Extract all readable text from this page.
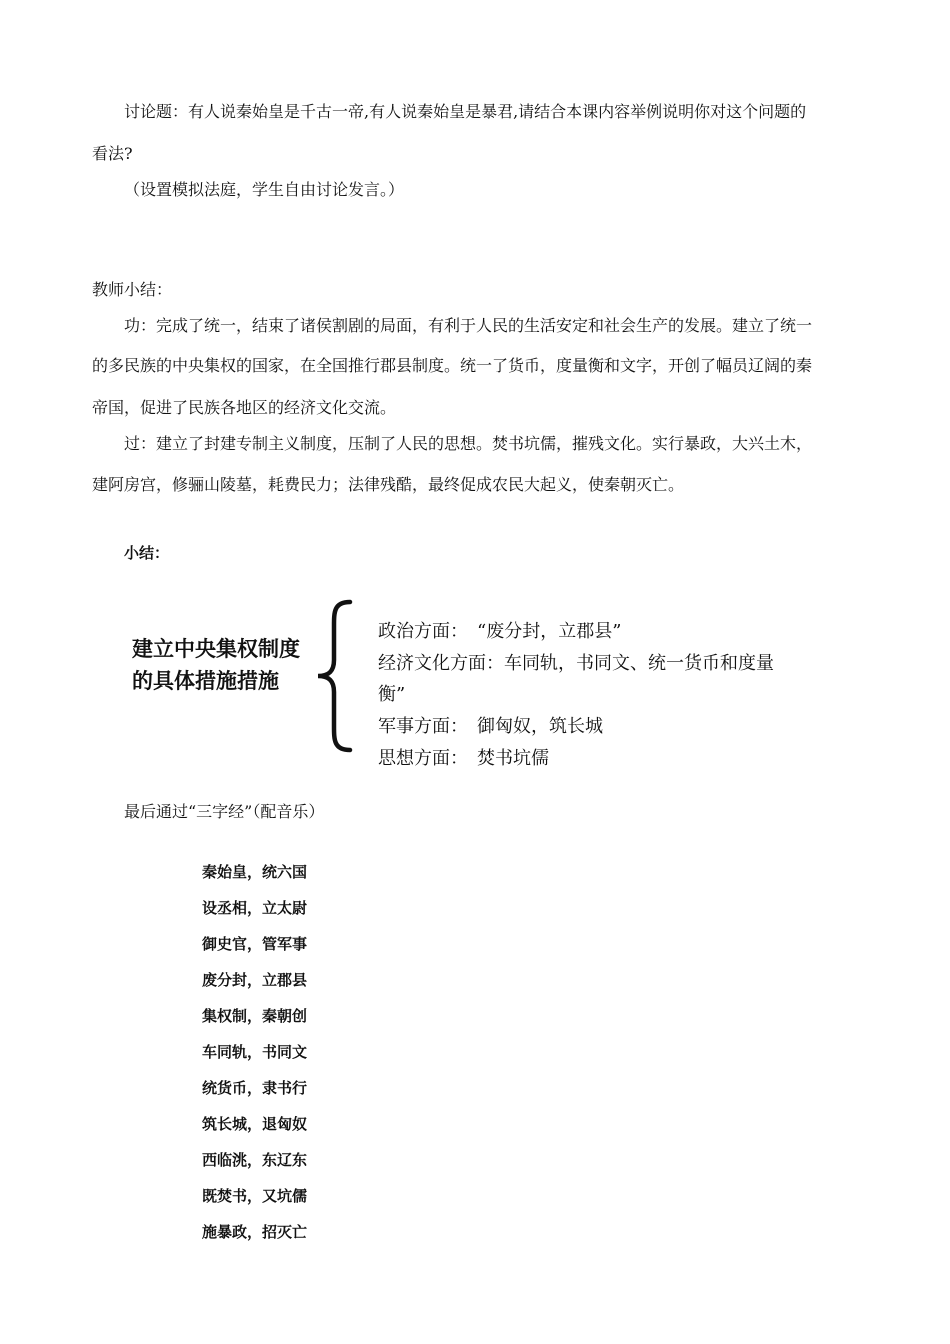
讨论题：有人说秦始皇是千古一帝,有人说秦始皇是暴君,请结合本课内容举例说明你对这个问题的
看法?
（设置模拟法庭，学生自由讨论发言。）
教师小结：
功：完成了统一，结束了诸侯割剧的局面，有利于人民的生活安定和社会生产的发展。建立了统一
的多民族的中央集权的国家，在全国推行郡县制度。统一了货币，度量衡和文字，开创了幅员辽阔的秦
帝国，促进了民族各地区的经济文化交流。
过：建立了封建专制主义制度，压制了人民的思想。焚书坑儒，摧残文化。实行暴政，大兴土木，
建阿房宫，修骊山陵墓，耗费民力；法律残酷，最终促成农民大起义，使秦朝灭亡。
小结：
建立中央集权制度
的具体措施措施
政治方面：　“废分封，立郡县”
经济文化方面：车同轨，书同文、统一货币和度量
衡”
军事方面：　御匈奴，筑长城
思想方面：　焚书坑儒
最后通过“三字经”（配音乐）
秦始皇，统六国
设丞相，立太尉
御史官，管军事
废分封，立郡县
集权制，秦朝创
车同轨，书同文
统货币，隶书行
筑长城，退匈奴
西临洮，东辽东
既焚书，又坑儒
施暴政，招灭亡
